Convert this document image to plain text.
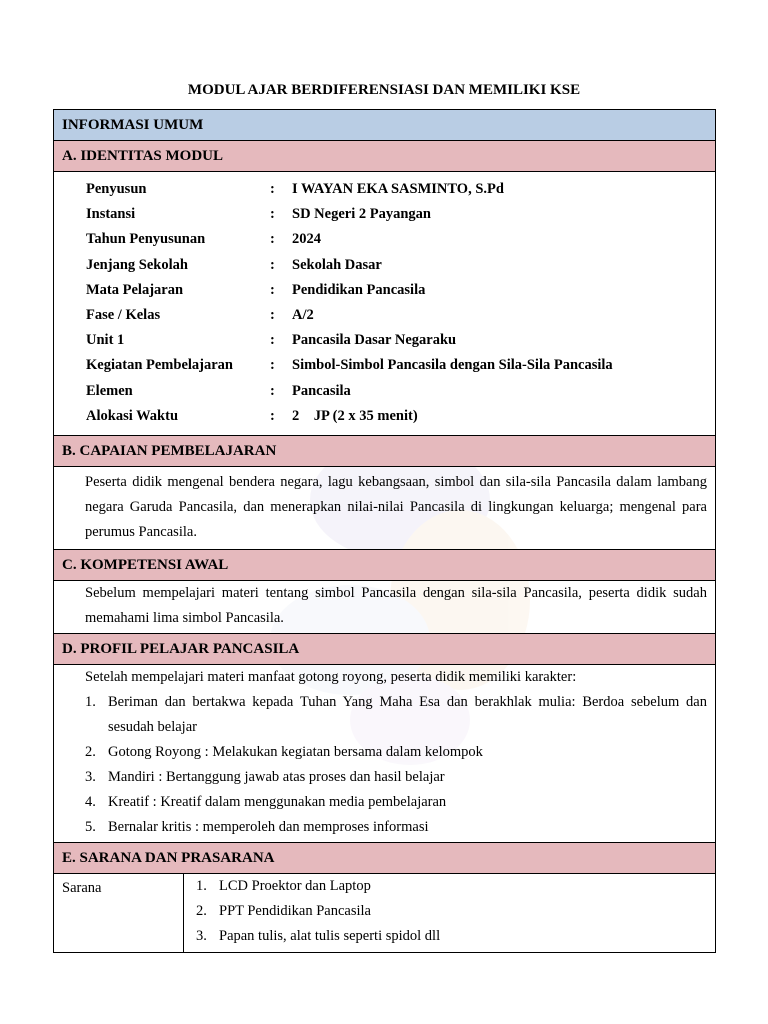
MODUL AJAR BERDIFERENSIASI DAN MEMILIKI KSE
INFORMASI UMUM
A. IDENTITAS MODUL
Penyusun	:	I WAYAN EKA SASMINTO, S.Pd
Instansi	:	SD Negeri 2 Payangan
Tahun Penyusunan	:	2024
Jenjang Sekolah	:	Sekolah Dasar
Mata Pelajaran	:	Pendidikan Pancasila
Fase / Kelas	:	A/2
Unit 1	:	Pancasila Dasar Negaraku
Kegiatan Pembelajaran	:	Simbol-Simbol Pancasila dengan Sila-Sila Pancasila
Elemen	:	Pancasila
Alokasi Waktu	:	2    JP (2 x 35 menit)
B. CAPAIAN PEMBELAJARAN
Peserta didik mengenal bendera negara, lagu kebangsaan, simbol dan sila-sila Pancasila dalam lambang negara Garuda Pancasila, dan menerapkan nilai-nilai Pancasila di lingkungan keluarga; mengenal para perumus Pancasila.
C. KOMPETENSI AWAL
Sebelum mempelajari materi tentang simbol Pancasila dengan sila-sila Pancasila, peserta didik sudah memahami lima simbol Pancasila.
D. PROFIL PELAJAR PANCASILA
Setelah mempelajari materi manfaat gotong royong, peserta didik memiliki karakter:
1. Beriman dan bertakwa kepada Tuhan Yang Maha Esa dan berakhlak mulia: Berdoa sebelum dan sesudah belajar
2. Gotong Royong : Melakukan kegiatan bersama dalam kelompok
3. Mandiri : Bertanggung jawab atas proses dan hasil belajar
4. Kreatif : Kreatif dalam menggunakan media pembelajaran
5. Bernalar kritis : memperoleh dan memproses informasi
E. SARANA DAN PRASARANA
Sarana	1. LCD Proektor dan Laptop
2. PPT Pendidikan Pancasila
3. Papan tulis, alat tulis seperti spidol dll
